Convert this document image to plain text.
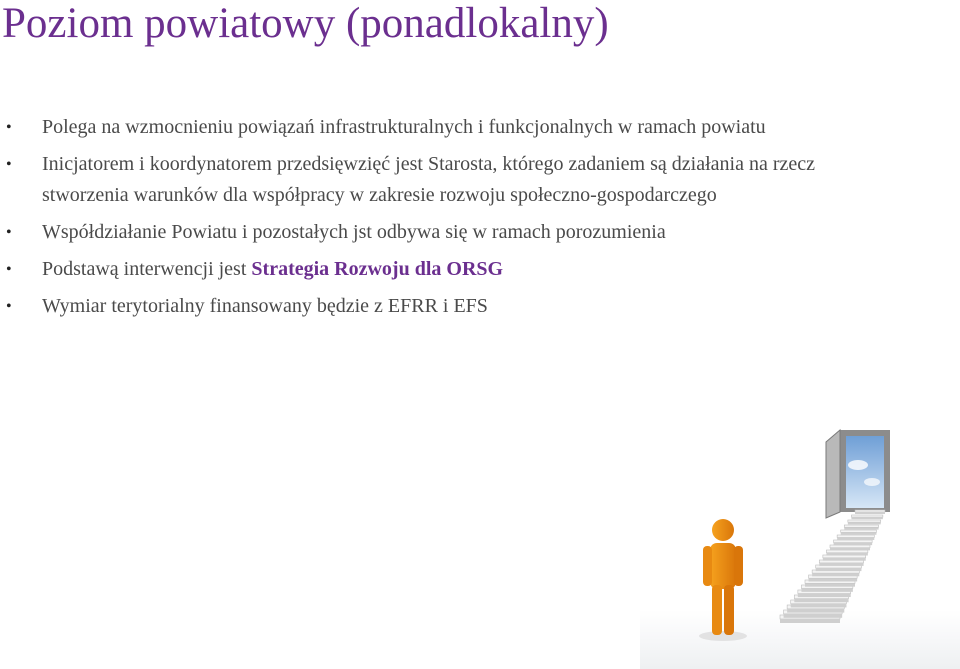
Poziom powiatowy (ponadlokalny)
• Polega na wzmocnieniu powiązań infrastrukturalnych i funkcjonalnych w ramach powiatu
• Inicjatorem i koordynatorem przedsięwzięć jest Starosta, którego zadaniem są działania na rzecz stworzenia warunków dla współpracy w zakresie rozwoju społeczno-gospodarczego
• Współdziałanie Powiatu i pozostałych jst odbywa się w ramach porozumienia
• Podstawą interwencji jest Strategia Rozwoju dla ORSG
• Wymiar terytorialny finansowany będzie z EFRR i EFS
